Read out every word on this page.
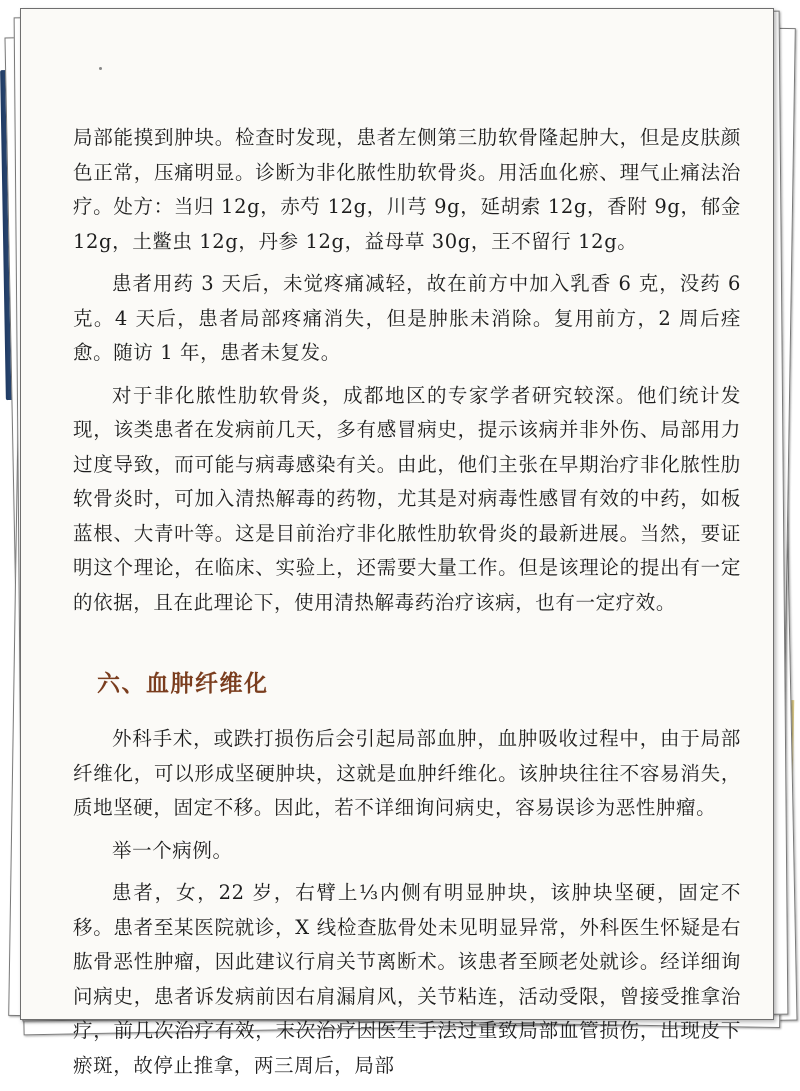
局部能摸到肿块。检查时发现，患者左侧第三肋软骨隆起肿大，但是皮肤颜色正常，压痛明显。诊断为非化脓性肋软骨炎。用活血化瘀、理气止痛法治疗。处方：当归 12g，赤芍 12g，川芎 9g，延胡索 12g，香附 9g，郁金 12g，土鳖虫 12g，丹参 12g，益母草 30g，王不留行 12g。

患者用药 3 天后，未觉疼痛减轻，故在前方中加入乳香 6 克，没药 6 克。4 天后，患者局部疼痛消失，但是肿胀未消除。复用前方，2 周后痊愈。随访 1 年，患者未复发。

对于非化脓性肋软骨炎，成都地区的专家学者研究较深。他们统计发现，该类患者在发病前几天，多有感冒病史，提示该病并非外伤、局部用力过度导致，而可能与病毒感染有关。由此，他们主张在早期治疗非化脓性肋软骨炎时，可加入清热解毒的药物，尤其是对病毒性感冒有效的中药，如板蓝根、大青叶等。这是目前治疗非化脓性肋软骨炎的最新进展。当然，要证明这个理论，在临床、实验上，还需要大量工作。但是该理论的提出有一定的依据，且在此理论下，使用清热解毒药治疗该病，也有一定疗效。

六、血肿纤维化

外科手术，或跌打损伤后会引起局部血肿，血肿吸收过程中，由于局部纤维化，可以形成坚硬肿块，这就是血肿纤维化。该肿块往往不容易消失，质地坚硬，固定不移。因此，若不详细询问病史，容易误诊为恶性肿瘤。

举一个病例。

患者，女，22 岁，右臂上⅓内侧有明显肿块，该肿块坚硬，固定不移。患者至某医院就诊，X 线检查肱骨处未见明显异常，外科医生怀疑是右肱骨恶性肿瘤，因此建议行肩关节离断术。该患者至顾老处就诊。经详细询问病史，患者诉发病前因右肩漏肩风，关节粘连，活动受限，曾接受推拿治疗，前几次治疗有效，末次治疗因医生手法过重致局部血管损伤，出现皮下瘀斑，故停止推拿，两三周后，局部
